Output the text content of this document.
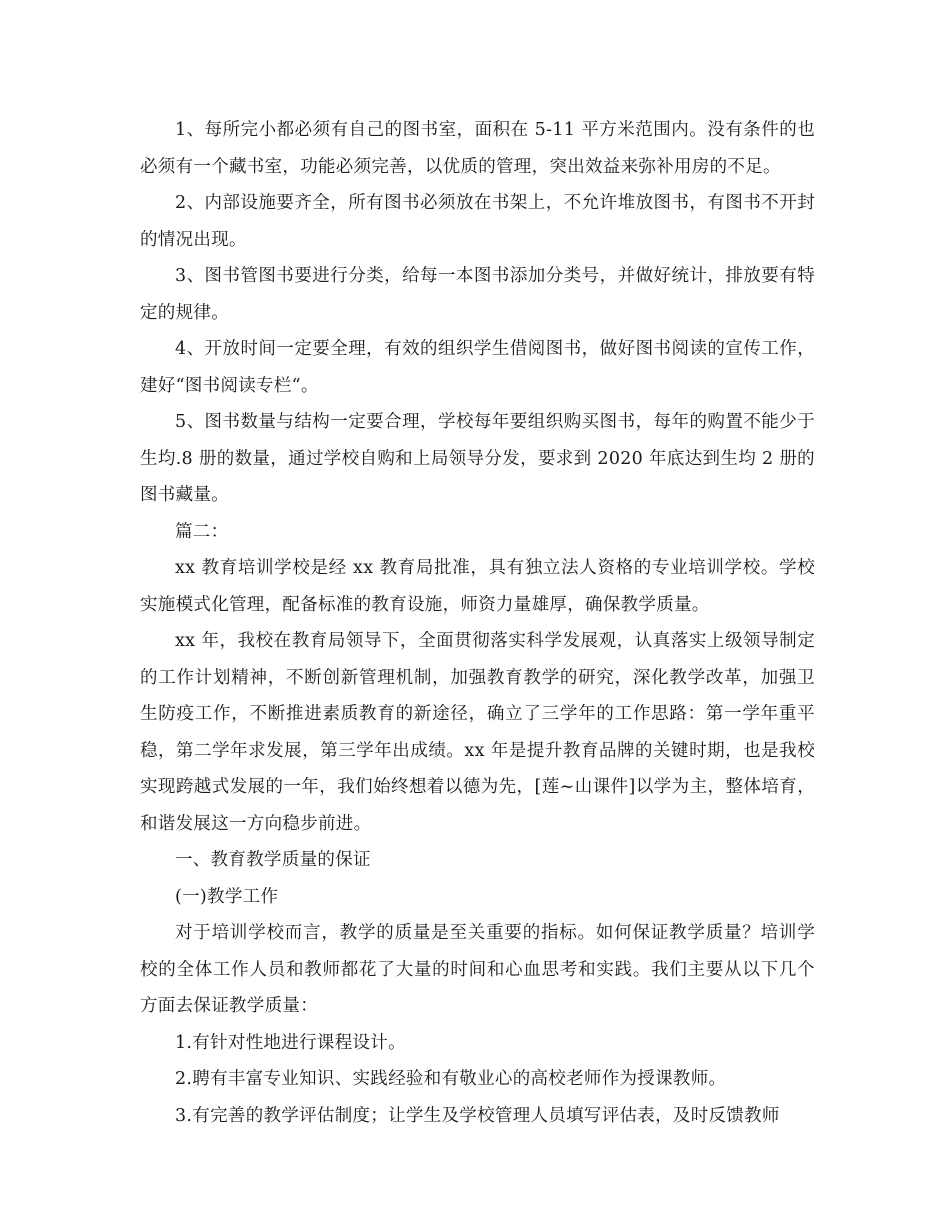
1、每所完小都必须有自己的图书室，面积在 5-11 平方米范围内。没有条件的也必须有一个藏书室，功能必须完善，以优质的管理，突出效益来弥补用房的不足。

2、内部设施要齐全，所有图书必须放在书架上，不允许堆放图书，有图书不开封的情况出现。

3、图书管图书要进行分类，给每一本图书添加分类号，并做好统计，排放要有特定的规律。

4、开放时间一定要全理，有效的组织学生借阅图书，做好图书阅读的宣传工作，建好“图书阅读专栏“。

5、图书数量与结构一定要合理，学校每年要组织购买图书，每年的购置不能少于生均.8 册的数量，通过学校自购和上局领导分发，要求到 2020 年底达到生均 2 册的图书藏量。

篇二：

xx 教育培训学校是经 xx 教育局批准，具有独立法人资格的专业培训学校。学校实施模式化管理，配备标准的教育设施，师资力量雄厚，确保教学质量。

xx 年，我校在教育局领导下，全面贯彻落实科学发展观，认真落实上级领导制定的工作计划精神，不断创新管理机制，加强教育教学的研究，深化教学改革，加强卫生防疫工作，不断推进素质教育的新途径，确立了三学年的工作思路：第一学年重平稳，第二学年求发展，第三学年出成绩。xx 年是提升教育品牌的关键时期，也是我校实现跨越式发展的一年，我们始终想着以德为先，[莲~山课件]以学为主，整体培育，和谐发展这一方向稳步前进。

一、教育教学质量的保证

(一)教学工作

对于培训学校而言，教学的质量是至关重要的指标。如何保证教学质量？培训学校的全体工作人员和教师都花了大量的时间和心血思考和实践。我们主要从以下几个方面去保证教学质量：

1.有针对性地进行课程设计。

2.聘有丰富专业知识、实践经验和有敬业心的高校老师作为授课教师。

3.有完善的教学评估制度；让学生及学校管理人员填写评估表，及时反馈教师
